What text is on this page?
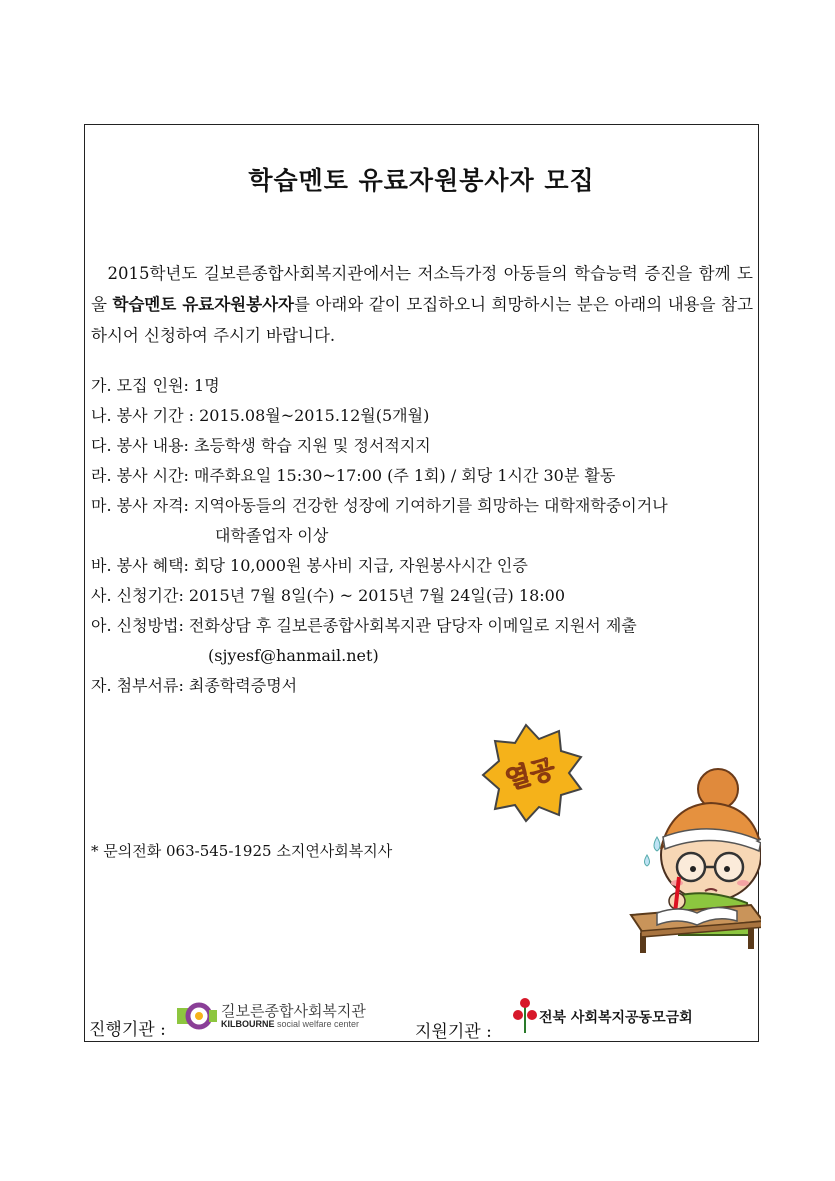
학습멘토 유료자원봉사자 모집

 2015학년도 길보른종합사회복지관에서는 저소득가정 아동들의 학습능력 증진을 함께 도울 학습멘토 유료자원봉사자를 아래와 같이 모집하오니 희망하시는 분은 아래의 내용을 참고하시어 신청하여 주시기 바랍니다.

가. 모집 인원: 1명
나. 봉사 기간 : 2015.08월~2015.12월(5개월)
다. 봉사 내용: 초등학생 학습 지원 및 정서적지지
라. 봉사 시간: 매주화요일 15:30~17:00 (주 1회) / 회당 1시간 30분 활동
마. 봉사 자격: 지역아동들의 건강한 성장에 기여하기를 희망하는 대학재학중이거나
대학졸업자 이상
바. 봉사 혜택: 회당 10,000원 봉사비 지급, 자원봉사시간 인증
사. 신청기간: 2015년 7월 8일(수) ~ 2015년 7월 24일(금) 18:00
아. 신청방법: 전화상담 후 길보른종합사회복지관 담당자 이메일로 지원서 제출
(sjyesf@hanmail.net)
자. 첨부서류: 최종학력증명서
* 문의전화 063-545-1925 소지연사회복지사
열공
진행기관 :
길보른종합사회복지관
KILBOURNE social welfare center	지원기관 :
전북 사회복지공동모금회
